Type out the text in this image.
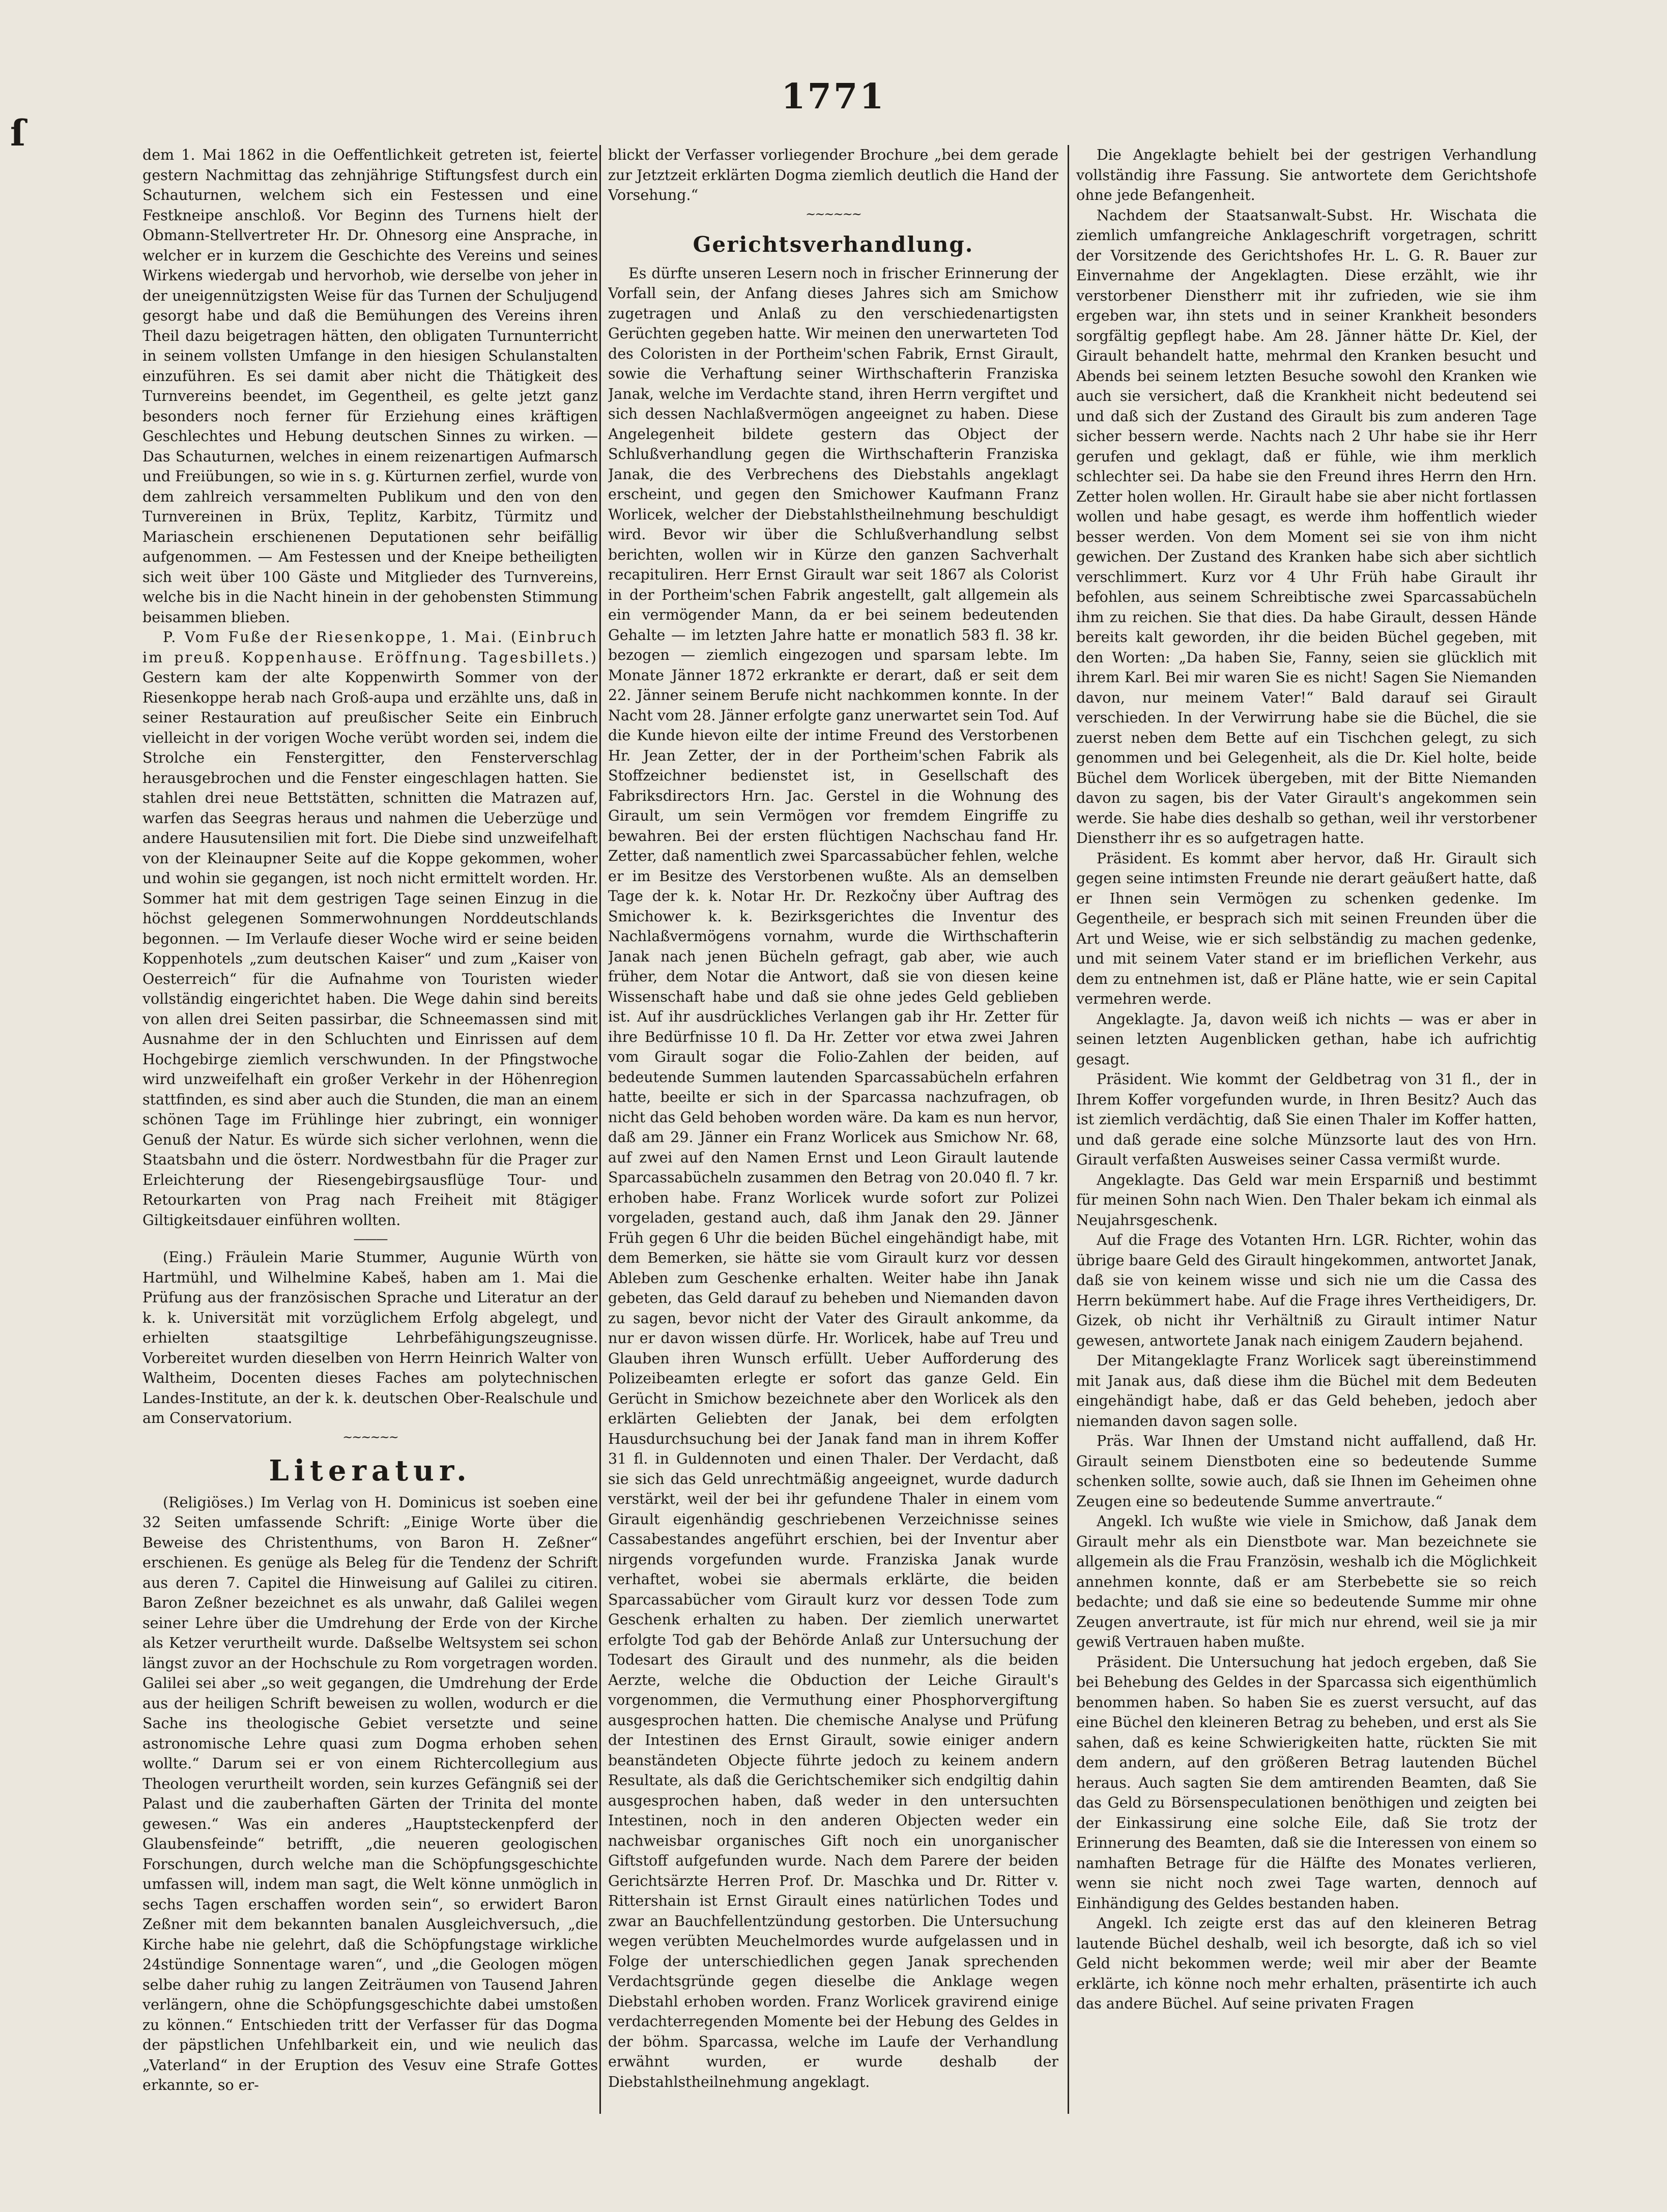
1771
ſ

dem 1. Mai 1862 in die Oeffentlichkeit getreten ist, feierte gestern Nachmittag das zehnjährige Stiftungsfest durch ein Schauturnen, welchem sich ein Festessen und eine Festkneipe anschloß. Vor Beginn des Turnens hielt der Obmann-Stellvertreter Hr. Dr. Ohnesorg eine Ansprache, in welcher er in kurzem die Geschichte des Vereins und seines Wirkens wiedergab und hervorhob, wie derselbe von jeher in der uneigennützigsten Weise für das Turnen der Schuljugend gesorgt habe und daß die Bemühungen des Vereins ihren Theil dazu beigetragen hätten, den obligaten Turnunterricht in seinem vollsten Umfange in den hiesigen Schulanstalten einzuführen. Es sei damit aber nicht die Thätigkeit des Turnvereins beendet, im Gegentheil, es gelte jetzt ganz besonders noch ferner für Erziehung eines kräftigen Geschlechtes und Hebung deutschen Sinnes zu wirken. — Das Schauturnen, welches in einem reizenartigen Aufmarsch und Freiübungen, so wie in s. g. Kürturnen zerfiel, wurde von dem zahlreich versammelten Publikum und den von den Turnvereinen in Brüx, Teplitz, Karbitz, Türmitz und Mariaschein erschienenen Deputationen sehr beifällig aufgenommen. — Am Festessen und der Kneipe betheiligten sich weit über 100 Gäste und Mitglieder des Turnvereins, welche bis in die Nacht hinein in der gehobensten Stimmung beisammen blieben.

P. Vom Fuße der Riesenkoppe, 1. Mai. (Einbruch im preuß. Koppenhause. Eröffnung. Tagesbillets.) Gestern kam der alte Koppenwirth Sommer von der Riesenkoppe herab nach Groß-aupa und erzählte uns, daß in seiner Restauration auf preußischer Seite ein Einbruch vielleicht in der vorigen Woche verübt worden sei, indem die Strolche ein Fenstergitter, den Fensterverschlag herausgebrochen und die Fenster eingeschlagen hatten. Sie stahlen drei neue Bettstätten, schnitten die Matrazen auf, warfen das Seegras heraus und nahmen die Ueberzüge und andere Hausutensilien mit fort. Die Diebe sind unzweifelhaft von der Kleinaupner Seite auf die Koppe gekommen, woher und wohin sie gegangen, ist noch nicht ermittelt worden. Hr. Sommer hat mit dem gestrigen Tage seinen Einzug in die höchst gelegenen Sommerwohnungen Norddeutschlands begonnen. — Im Verlaufe dieser Woche wird er seine beiden Koppenhotels „zum deutschen Kaiser“ und zum „Kaiser von Oesterreich“ für die Aufnahme von Touristen wieder vollständig eingerichtet haben. Die Wege dahin sind bereits von allen drei Seiten passirbar, die Schneemassen sind mit Ausnahme der in den Schluchten und Einrissen auf dem Hochgebirge ziemlich verschwunden. In der Pfingstwoche wird unzweifelhaft ein großer Verkehr in der Höhenregion stattfinden, es sind aber auch die Stunden, die man an einem schönen Tage im Frühlinge hier zubringt, ein wonniger Genuß der Natur. Es würde sich sicher verlohnen, wenn die Staatsbahn und die österr. Nordwestbahn für die Prager zur Erleichterung der Riesengebirgsausflüge Tour- und Retourkarten von Prag nach Freiheit mit 8tägiger Giltigkeitsdauer einführen wollten.

———

(Eing.) Fräulein Marie Stummer, Augunie Würth von Hartmühl, und Wilhelmine Kabeš, haben am 1. Mai die Prüfung aus der französischen Sprache und Literatur an der k. k. Universität mit vorzüglichem Erfolg abgelegt, und erhielten staatsgiltige Lehrbefähigungszeugnisse. Vorbereitet wurden dieselben von Herrn Heinrich Walter von Waltheim, Docenten dieses Faches am polytechnischen Landes-Institute, an der k. k. deutschen Ober-Realschule und am Conservatorium.

~~~~~~
Literatur.

(Religiöses.) Im Verlag von H. Dominicus ist soeben eine 32 Seiten umfassende Schrift: „Einige Worte über die Beweise des Christenthums, von Baron H. Zeßner“ erschienen. Es genüge als Beleg für die Tendenz der Schrift aus deren 7. Capitel die Hinweisung auf Galilei zu citiren. Baron Zeßner bezeichnet es als unwahr, daß Galilei wegen seiner Lehre über die Umdrehung der Erde von der Kirche als Ketzer verurtheilt wurde. Daßselbe Weltsystem sei schon längst zuvor an der Hochschule zu Rom vorgetragen worden. Galilei sei aber „so weit gegangen, die Umdrehung der Erde aus der heiligen Schrift beweisen zu wollen, wodurch er die Sache ins theologische Gebiet versetzte und seine astronomische Lehre quasi zum Dogma erhoben sehen wollte.“ Darum sei er von einem Richtercollegium aus Theologen verurtheilt worden, sein kurzes Gefängniß sei der Palast und die zauberhaften Gärten der Trinita del monte gewesen.“ Was ein anderes „Hauptsteckenpferd der Glaubensfeinde“ betrifft, „die neueren geologischen Forschungen, durch welche man die Schöpfungsgeschichte umfassen will, indem man sagt, die Welt könne unmöglich in sechs Tagen erschaffen worden sein“, so erwidert Baron Zeßner mit dem bekannten banalen Ausgleichversuch, „die Kirche habe nie gelehrt, daß die Schöpfungstage wirkliche 24stündige Sonnentage waren“, und „die Geologen mögen selbe daher ruhig zu langen Zeiträumen von Tausend Jahren verlängern, ohne die Schöpfungsgeschichte dabei umstoßen zu können.“ Entschieden tritt der Verfasser für das Dogma der päpstlichen Unfehlbarkeit ein, und wie neulich das „Vaterland“ in der Eruption des Vesuv eine Strafe Gottes erkannte, so er-

blickt der Verfasser vorliegender Brochure „bei dem gerade zur Jetztzeit erklärten Dogma ziemlich deutlich die Hand der Vorsehung.“

~~~~~~
Gerichtsverhandlung.

Es dürfte unseren Lesern noch in frischer Erinnerung der Vorfall sein, der Anfang dieses Jahres sich am Smichow zugetragen und Anlaß zu den verschiedenartigsten Gerüchten gegeben hatte. Wir meinen den unerwarteten Tod des Coloristen in der Portheim'schen Fabrik, Ernst Girault, sowie die Verhaftung seiner Wirthschafterin Franziska Janak, welche im Verdachte stand, ihren Herrn vergiftet und sich dessen Nachlaßvermögen angeeignet zu haben. Diese Angelegenheit bildete gestern das Object der Schlußverhandlung gegen die Wirthschafterin Franziska Janak, die des Verbrechens des Diebstahls angeklagt erscheint, und gegen den Smichower Kaufmann Franz Worlicek, welcher der Diebstahlstheilnehmung beschuldigt wird. Bevor wir über die Schlußverhandlung selbst berichten, wollen wir in Kürze den ganzen Sachverhalt recapituliren. Herr Ernst Girault war seit 1867 als Colorist in der Portheim'schen Fabrik angestellt, galt allgemein als ein vermögender Mann, da er bei seinem bedeutenden Gehalte — im letzten Jahre hatte er monatlich 583 fl. 38 kr. bezogen — ziemlich eingezogen und sparsam lebte. Im Monate Jänner 1872 erkrankte er derart, daß er seit dem 22. Jänner seinem Berufe nicht nachkommen konnte. In der Nacht vom 28. Jänner erfolgte ganz unerwartet sein Tod. Auf die Kunde hievon eilte der intime Freund des Verstorbenen Hr. Jean Zetter, der in der Portheim'schen Fabrik als Stoffzeichner bedienstet ist, in Gesellschaft des Fabriksdirectors Hrn. Jac. Gerstel in die Wohnung des Girault, um sein Vermögen vor fremdem Eingriffe zu bewahren. Bei der ersten flüchtigen Nachschau fand Hr. Zetter, daß namentlich zwei Sparcassabücher fehlen, welche er im Besitze des Verstorbenen wußte. Als an demselben Tage der k. k. Notar Hr. Dr. Rezkočny über Auftrag des Smichower k. k. Bezirksgerichtes die Inventur des Nachlaßvermögens vornahm, wurde die Wirthschafterin Janak nach jenen Bücheln gefragt, gab aber, wie auch früher, dem Notar die Antwort, daß sie von diesen keine Wissenschaft habe und daß sie ohne jedes Geld geblieben ist. Auf ihr ausdrückliches Verlangen gab ihr Hr. Zetter für ihre Bedürfnisse 10 fl. Da Hr. Zetter vor etwa zwei Jahren vom Girault sogar die Folio-Zahlen der beiden, auf bedeutende Summen lautenden Sparcassabücheln erfahren hatte, beeilte er sich in der Sparcassa nachzufragen, ob nicht das Geld behoben worden wäre. Da kam es nun hervor, daß am 29. Jänner ein Franz Worlicek aus Smichow Nr. 68, auf zwei auf den Namen Ernst und Leon Girault lautende Sparcassabücheln zusammen den Betrag von 20.040 fl. 7 kr. erhoben habe. Franz Worlicek wurde sofort zur Polizei vorgeladen, gestand auch, daß ihm Janak den 29. Jänner Früh gegen 6 Uhr die beiden Büchel eingehändigt habe, mit dem Bemerken, sie hätte sie vom Girault kurz vor dessen Ableben zum Geschenke erhalten. Weiter habe ihn Janak gebeten, das Geld darauf zu beheben und Niemanden davon zu sagen, bevor nicht der Vater des Girault ankomme, da nur er davon wissen dürfe. Hr. Worlicek, habe auf Treu und Glauben ihren Wunsch erfüllt. Ueber Aufforderung des Polizeibeamten erlegte er sofort das ganze Geld. Ein Gerücht in Smichow bezeichnete aber den Worlicek als den erklärten Geliebten der Janak, bei dem erfolgten Hausdurchsuchung bei der Janak fand man in ihrem Koffer 31 fl. in Guldennoten und einen Thaler. Der Verdacht, daß sie sich das Geld unrechtmäßig angeeignet, wurde dadurch verstärkt, weil der bei ihr gefundene Thaler in einem vom Girault eigenhändig geschriebenen Verzeichnisse seines Cassabestandes angeführt erschien, bei der Inventur aber nirgends vorgefunden wurde. Franziska Janak wurde verhaftet, wobei sie abermals erklärte, die beiden Sparcassabücher vom Girault kurz vor dessen Tode zum Geschenk erhalten zu haben. Der ziemlich unerwartet erfolgte Tod gab der Behörde Anlaß zur Untersuchung der Todesart des Girault und des nunmehr, als die beiden Aerzte, welche die Obduction der Leiche Girault's vorgenommen, die Vermuthung einer Phosphorvergiftung ausgesprochen hatten. Die chemische Analyse und Prüfung der Intestinen des Ernst Girault, sowie einiger andern beanständeten Objecte führte jedoch zu keinem andern Resultate, als daß die Gerichtschemiker sich endgiltig dahin ausgesprochen haben, daß weder in den untersuchten Intestinen, noch in den anderen Objecten weder ein nachweisbar organisches Gift noch ein unorganischer Giftstoff aufgefunden wurde. Nach dem Parere der beiden Gerichtsärzte Herren Prof. Dr. Maschka und Dr. Ritter v. Rittershain ist Ernst Girault eines natürlichen Todes und zwar an Bauchfellentzündung gestorben. Die Untersuchung wegen verübten Meuchelmordes wurde aufgelassen und in Folge der unterschiedlichen gegen Janak sprechenden Verdachtsgründe gegen dieselbe die Anklage wegen Diebstahl erhoben worden. Franz Worlicek gravirend einige verdachterregenden Momente bei der Hebung des Geldes in der böhm. Sparcassa, welche im Laufe der Verhandlung erwähnt wurden, er wurde deshalb der Diebstahlstheilnehmung angeklagt.

Die Angeklagte behielt bei der gestrigen Verhandlung vollständig ihre Fassung. Sie antwortete dem Gerichtshofe ohne jede Befangenheit.

Nachdem der Staatsanwalt-Subst. Hr. Wischata die ziemlich umfangreiche Anklageschrift vorgetragen, schritt der Vorsitzende des Gerichtshofes Hr. L. G. R. Bauer zur Einvernahme der Angeklagten. Diese erzählt, wie ihr verstorbener Dienstherr mit ihr zufrieden, wie sie ihm ergeben war, ihn stets und in seiner Krankheit besonders sorgfältig gepflegt habe. Am 28. Jänner hätte Dr. Kiel, der Girault behandelt hatte, mehrmal den Kranken besucht und Abends bei seinem letzten Besuche sowohl den Kranken wie auch sie versichert, daß die Krankheit nicht bedeutend sei und daß sich der Zustand des Girault bis zum anderen Tage sicher bessern werde. Nachts nach 2 Uhr habe sie ihr Herr gerufen und geklagt, daß er fühle, wie ihm merklich schlechter sei. Da habe sie den Freund ihres Herrn den Hrn. Zetter holen wollen. Hr. Girault habe sie aber nicht fortlassen wollen und habe gesagt, es werde ihm hoffentlich wieder besser werden. Von dem Moment sei sie von ihm nicht gewichen. Der Zustand des Kranken habe sich aber sichtlich verschlimmert. Kurz vor 4 Uhr Früh habe Girault ihr befohlen, aus seinem Schreibtische zwei Sparcassabücheln ihm zu reichen. Sie that dies. Da habe Girault, dessen Hände bereits kalt geworden, ihr die beiden Büchel gegeben, mit den Worten: „Da haben Sie, Fanny, seien sie glücklich mit ihrem Karl. Bei mir waren Sie es nicht! Sagen Sie Niemanden davon, nur meinem Vater!“ Bald darauf sei Girault verschieden. In der Verwirrung habe sie die Büchel, die sie zuerst neben dem Bette auf ein Tischchen gelegt, zu sich genommen und bei Gelegenheit, als die Dr. Kiel holte, beide Büchel dem Worlicek übergeben, mit der Bitte Niemanden davon zu sagen, bis der Vater Girault's angekommen sein werde. Sie habe dies deshalb so gethan, weil ihr verstorbener Dienstherr ihr es so aufgetragen hatte.

Präsident. Es kommt aber hervor, daß Hr. Girault sich gegen seine intimsten Freunde nie derart geäußert hatte, daß er Ihnen sein Vermögen zu schenken gedenke. Im Gegentheile, er besprach sich mit seinen Freunden über die Art und Weise, wie er sich selbständig zu machen gedenke, und mit seinem Vater stand er im brieflichen Verkehr, aus dem zu entnehmen ist, daß er Pläne hatte, wie er sein Capital vermehren werde.

Angeklagte. Ja, davon weiß ich nichts — was er aber in seinen letzten Augenblicken gethan, habe ich aufrichtig gesagt.

Präsident. Wie kommt der Geldbetrag von 31 fl., der in Ihrem Koffer vorgefunden wurde, in Ihren Besitz? Auch das ist ziemlich verdächtig, daß Sie einen Thaler im Koffer hatten, und daß gerade eine solche Münzsorte laut des von Hrn. Girault verfaßten Ausweises seiner Cassa vermißt wurde.

Angeklagte. Das Geld war mein Ersparniß und bestimmt für meinen Sohn nach Wien. Den Thaler bekam ich einmal als Neujahrsgeschenk.

Auf die Frage des Votanten Hrn. LGR. Richter, wohin das übrige baare Geld des Girault hingekommen, antwortet Janak, daß sie von keinem wisse und sich nie um die Cassa des Herrn bekümmert habe. Auf die Frage ihres Vertheidigers, Dr. Gizek, ob nicht ihr Verhältniß zu Girault intimer Natur gewesen, antwortete Janak nach einigem Zaudern bejahend.

Der Mitangeklagte Franz Worlicek sagt übereinstimmend mit Janak aus, daß diese ihm die Büchel mit dem Bedeuten eingehändigt habe, daß er das Geld beheben, jedoch aber niemanden davon sagen solle.

Präs. War Ihnen der Umstand nicht auffallend, daß Hr. Girault seinem Dienstboten eine so bedeutende Summe schenken sollte, sowie auch, daß sie Ihnen im Geheimen ohne Zeugen eine so bedeutende Summe anvertraute.“

Angekl. Ich wußte wie viele in Smichow, daß Janak dem Girault mehr als ein Dienstbote war. Man bezeichnete sie allgemein als die Frau Französin, weshalb ich die Möglichkeit annehmen konnte, daß er am Sterbebette sie so reich bedachte; und daß sie eine so bedeutende Summe mir ohne Zeugen anvertraute, ist für mich nur ehrend, weil sie ja mir gewiß Vertrauen haben mußte.

Präsident. Die Untersuchung hat jedoch ergeben, daß Sie bei Behebung des Geldes in der Sparcassa sich eigenthümlich benommen haben. So haben Sie es zuerst versucht, auf das eine Büchel den kleineren Betrag zu beheben, und erst als Sie sahen, daß es keine Schwierigkeiten hatte, rückten Sie mit dem andern, auf den größeren Betrag lautenden Büchel heraus. Auch sagten Sie dem amtirenden Beamten, daß Sie das Geld zu Börsenspeculationen benöthigen und zeigten bei der Einkassirung eine solche Eile, daß Sie trotz der Erinnerung des Beamten, daß sie die Interessen von einem so namhaften Betrage für die Hälfte des Monates verlieren, wenn sie nicht noch zwei Tage warten, dennoch auf Einhändigung des Geldes bestanden haben.

Angekl. Ich zeigte erst das auf den kleineren Betrag lautende Büchel deshalb, weil ich besorgte, daß ich so viel Geld nicht bekommen werde; weil mir aber der Beamte erklärte, ich könne noch mehr erhalten, präsentirte ich auch das andere Büchel. Auf seine privaten Fragen
